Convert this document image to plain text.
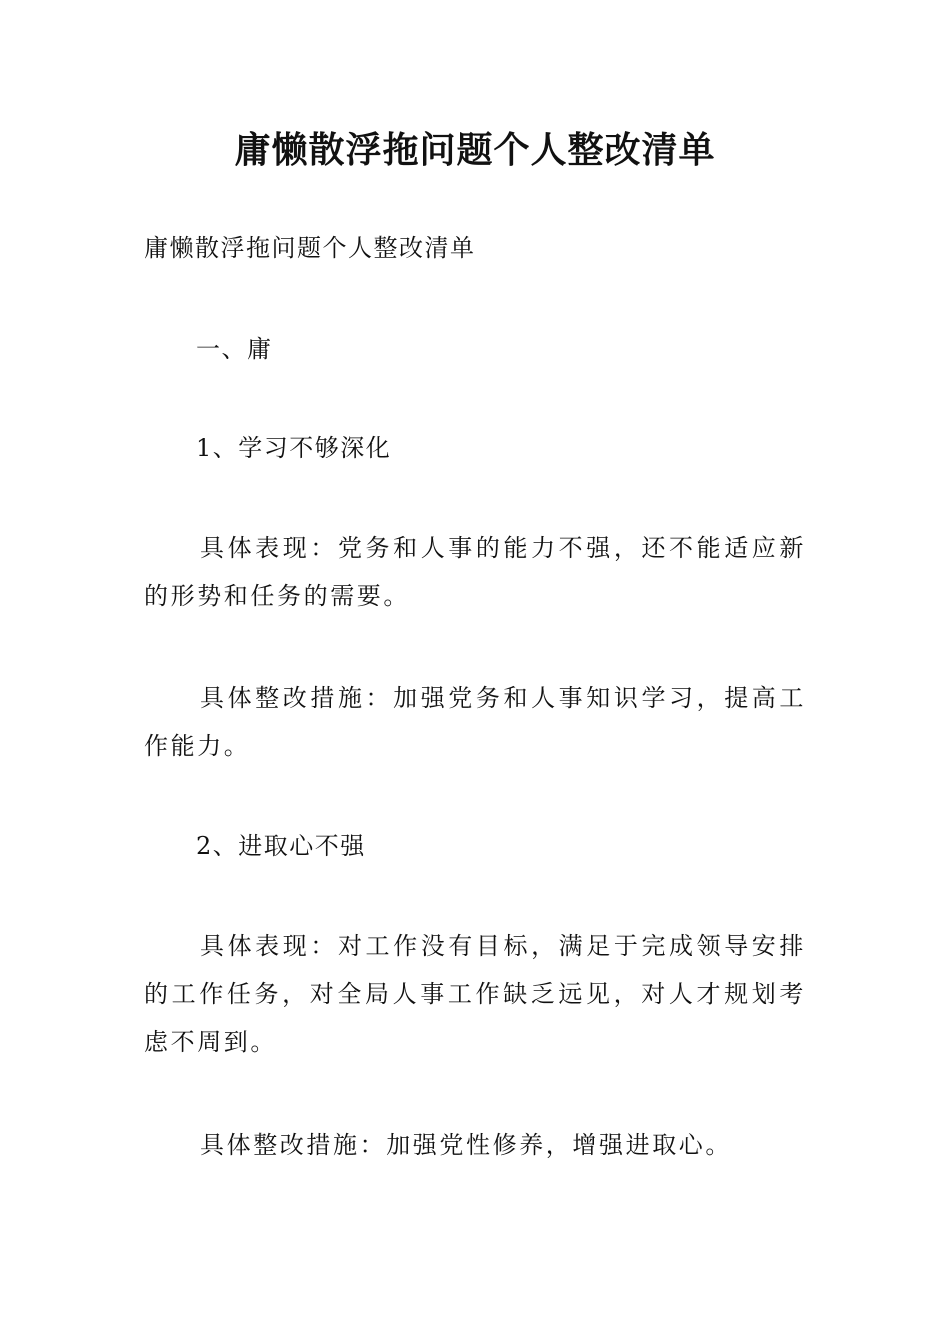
庸懒散浮拖问题个人整改清单

庸懒散浮拖问题个人整改清单

一、庸

1、学习不够深化

具体表现：党务和人事的能力不强，还不能适应新的形势和任务的需要。

具体整改措施：加强党务和人事知识学习，提高工作能力。

2、进取心不强

具体表现：对工作没有目标，满足于完成领导安排的工作任务，对全局人事工作缺乏远见，对人才规划考虑不周到。

具体整改措施：加强党性修养，增强进取心。
